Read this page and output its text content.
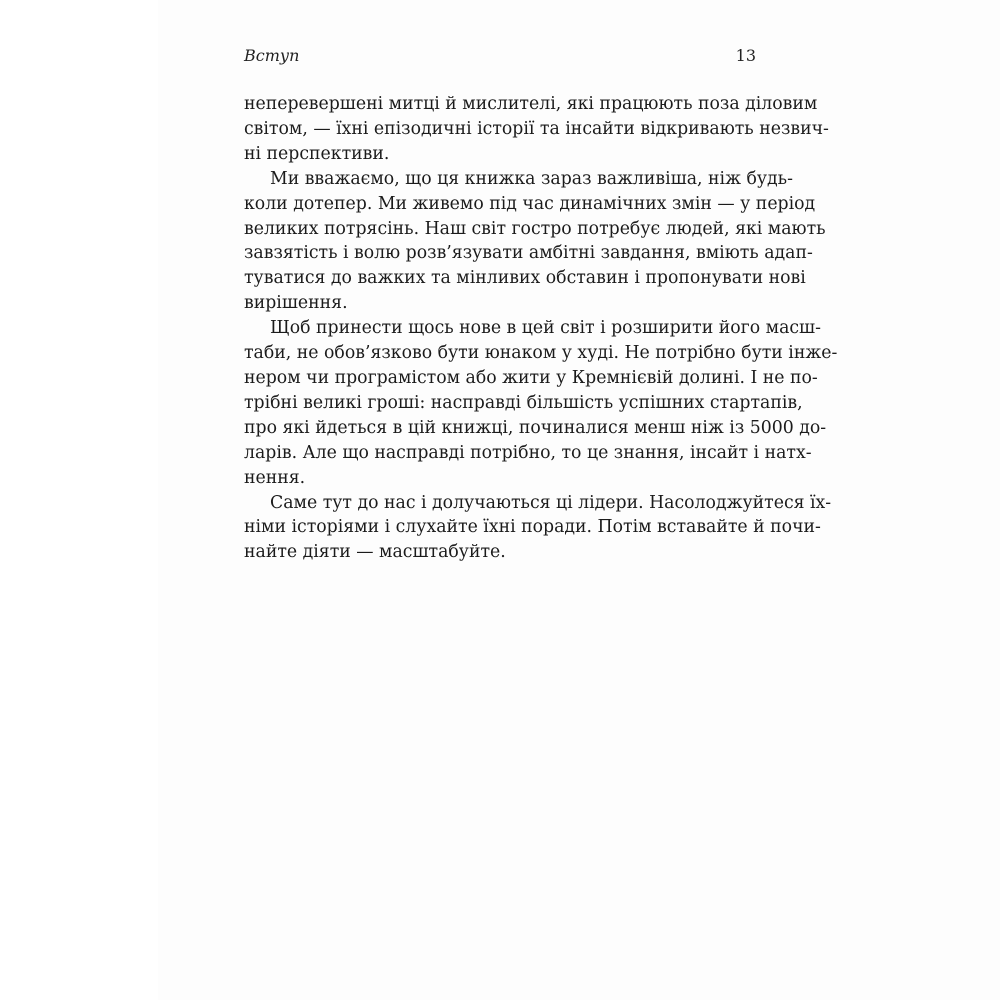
Вступ	13

неперевершені митці й мислителі, які працюють поза діловим
світом, — їхні епізодичні історії та інсайти відкривають незвич-
ні перспективи.

Ми вважаємо, що ця книжка зараз важливіша, ніж будь-
коли дотепер. Ми живемо під час динамічних змін — у період
великих потрясінь. Наш світ гостро потребує людей, які мають
завзятість і волю розв’язувати амбітні завдання, вміють адап-
туватися до важких та мінливих обставин і пропонувати нові
вирішення.

Щоб принести щось нове в цей світ і розширити його масш-
таби, не обов’язково бути юнаком у худі. Не потрібно бути інже-
нером чи програмістом або жити у Кремнієвій долині. І не по-
трібні великі гроші: насправді більшість успішних стартапів,
про які йдеться в цій книжці, починалися менш ніж із 5000 до-
ларів. Але що насправді потрібно, то це знання, інсайт і натх-
нення.

Саме тут до нас і долучаються ці лідери. Насолоджуйтеся їх-
німи історіями і слухайте їхні поради. Потім вставайте й почи-
найте діяти — масштабуйте.
